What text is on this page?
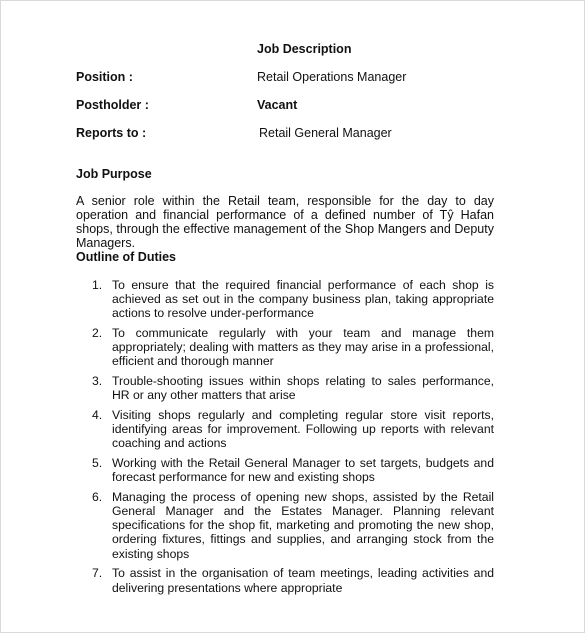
Job Description
Position :	Retail Operations Manager
Postholder :	Vacant
Reports to :	Retail General Manager
Job Purpose

A senior role within the Retail team, responsible for the day to day operation and financial performance of a defined number of Tŷ Hafan shops, through the effective management of the Shop Mangers and Deputy Managers.

Outline of Duties
1. To ensure that the required financial performance of each shop is achieved as set out in the company business plan, taking appropriate actions to resolve under-performance
2. To communicate regularly with your team and manage them appropriately; dealing with matters as they may arise in a professional, efficient and thorough manner
3. Trouble-shooting issues within shops relating to sales performance, HR or any other matters that arise
4. Visiting shops regularly and completing regular store visit reports, identifying areas for improvement. Following up reports with relevant coaching and actions
5. Working with the Retail General Manager to set targets, budgets and forecast performance for new and existing shops
6. Managing the process of opening new shops, assisted by the Retail General Manager and the Estates Manager. Planning relevant specifications for the shop fit, marketing and promoting the new shop, ordering fixtures, fittings and supplies, and arranging stock from the existing shops
7. To assist in the organisation of team meetings, leading activities and delivering presentations where appropriate
